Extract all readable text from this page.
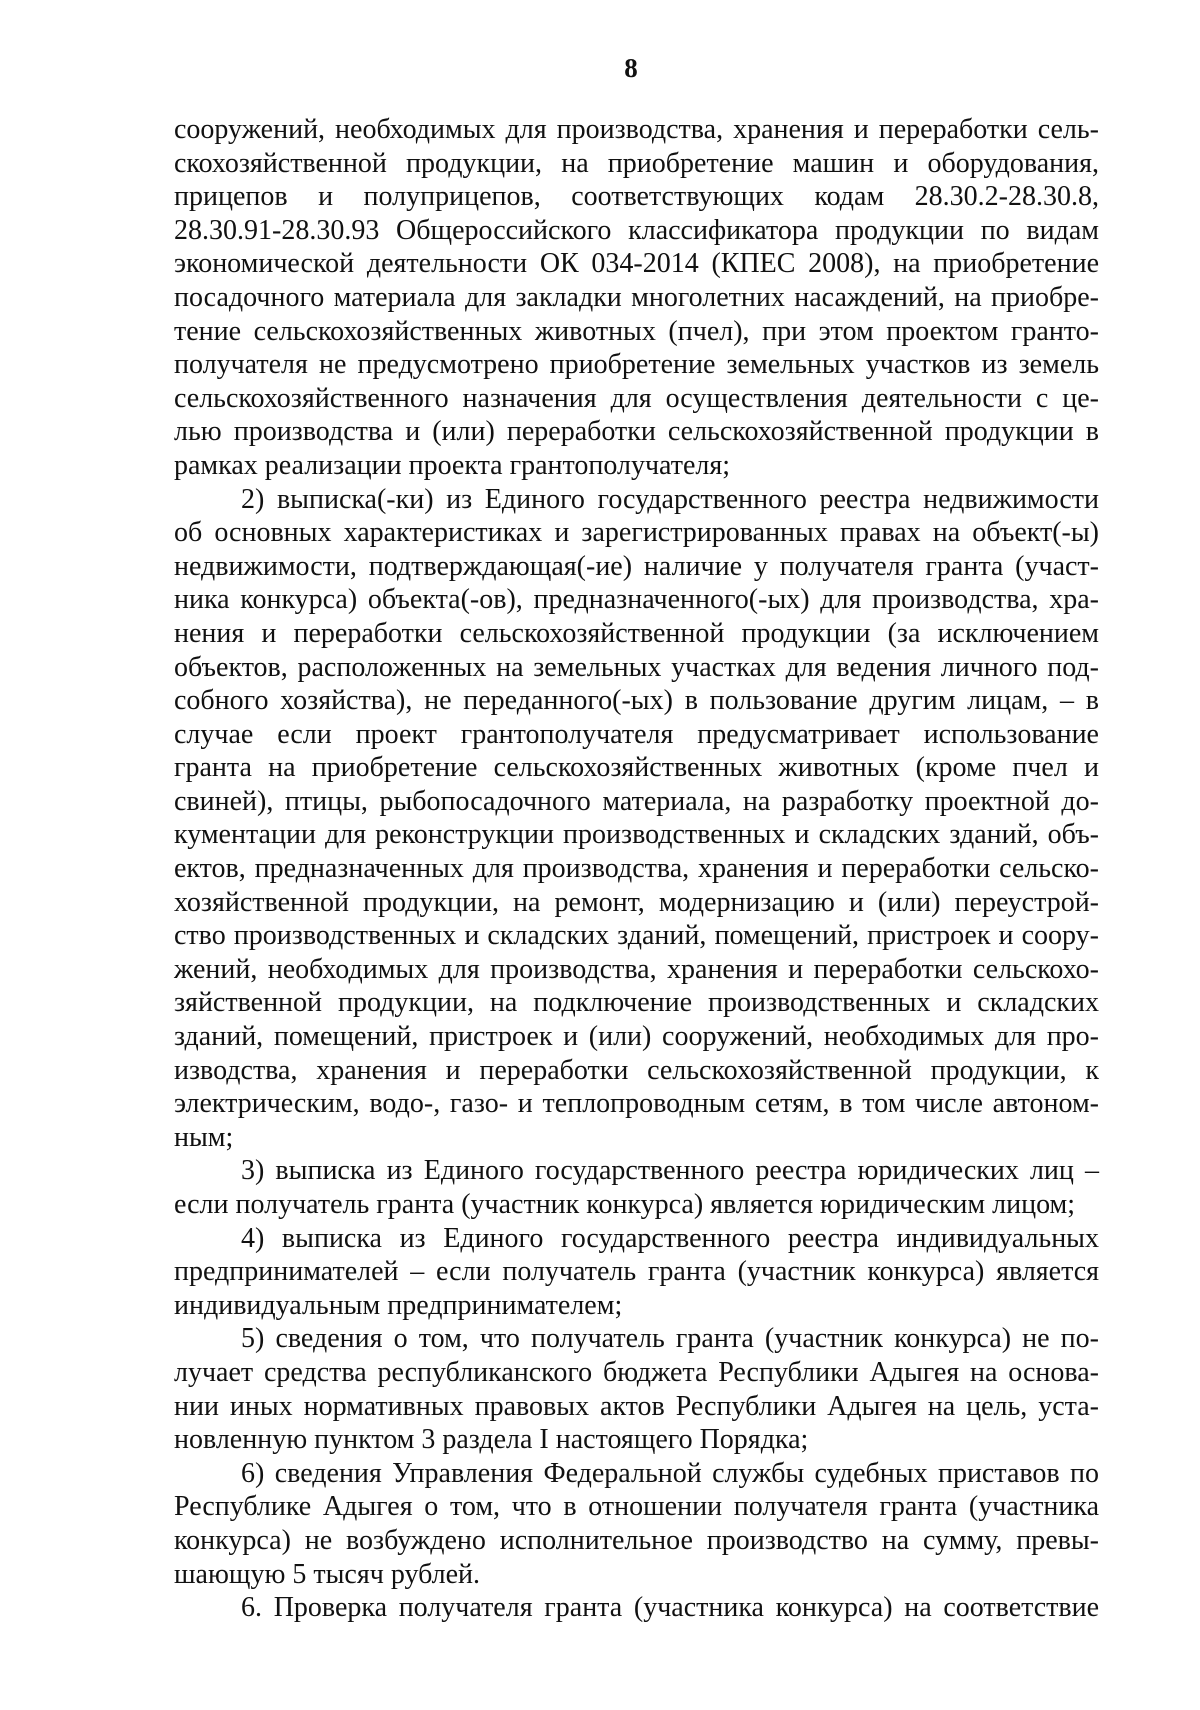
8
сооружений, необходимых для производства, хранения и переработки сель-
скохозяйственной продукции, на приобретение машин и оборудования,
прицепов и полуприцепов, соответствующих кодам 28.30.2-28.30.8,
28.30.91-28.30.93 Общероссийского классификатора продукции по видам
экономической деятельности ОК 034-2014 (КПЕС 2008), на приобретение
посадочного материала для закладки многолетних насаждений, на приобре-
тение сельскохозяйственных животных (пчел), при этом проектом гранто-
получателя не предусмотрено приобретение земельных участков из земель
сельскохозяйственного назначения для осуществления деятельности с це-
лью производства и (или) переработки сельскохозяйственной продукции в
рамках реализации проекта грантополучателя;
2) выписка(-ки) из Единого государственного реестра недвижимости
об основных характеристиках и зарегистрированных правах на объект(-ы)
недвижимости, подтверждающая(-ие) наличие у получателя гранта (участ-
ника конкурса) объекта(-ов), предназначенного(-ых) для производства, хра-
нения и переработки сельскохозяйственной продукции (за исключением
объектов, расположенных на земельных участках для ведения личного под-
собного хозяйства), не переданного(-ых) в пользование другим лицам, – в
случае если проект грантополучателя предусматривает использование
гранта на приобретение сельскохозяйственных животных (кроме пчел и
свиней), птицы, рыбопосадочного материала, на разработку проектной до-
кументации для реконструкции производственных и складских зданий, объ-
ектов, предназначенных для производства, хранения и переработки сельско-
хозяйственной продукции, на ремонт, модернизацию и (или) переустрой-
ство производственных и складских зданий, помещений, пристроек и соору-
жений, необходимых для производства, хранения и переработки сельскохо-
зяйственной продукции, на подключение производственных и складских
зданий, помещений, пристроек и (или) сооружений, необходимых для про-
изводства, хранения и переработки сельскохозяйственной продукции, к
электрическим, водо-, газо- и теплопроводным сетям, в том числе автоном-
ным;
3) выписка из Единого государственного реестра юридических лиц –
если получатель гранта (участник конкурса) является юридическим лицом;
4) выписка из Единого государственного реестра индивидуальных
предпринимателей – если получатель гранта (участник конкурса) является
индивидуальным предпринимателем;
5) сведения о том, что получатель гранта (участник конкурса) не по-
лучает средства республиканского бюджета Республики Адыгея на основа-
нии иных нормативных правовых актов Республики Адыгея на цель, уста-
новленную пунктом 3 раздела I настоящего Порядка;
6) сведения Управления Федеральной службы судебных приставов по
Республике Адыгея о том, что в отношении получателя гранта (участника
конкурса) не возбуждено исполнительное производство на сумму, превы-
шающую 5 тысяч рублей.
6. Проверка получателя гранта (участника конкурса) на соответствие
